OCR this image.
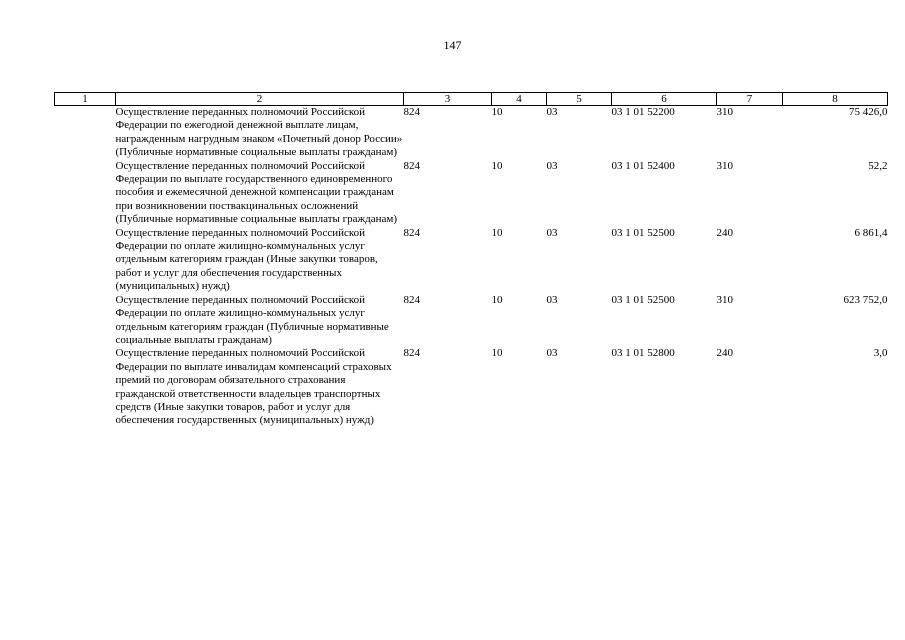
147
1	2	3	4	5	6	7	8
	Осуществление переданных полномочий Российской Федерации по ежегодной денежной выплате лицам, награжденным нагрудным знаком «Почетный донор России» (Публичные нормативные социальные выплаты гражданам)	824	10	03	03 1 01 52200	310	75 426,0
	Осуществление переданных полномочий Российской Федерации по выплате государственного единовременного пособия и ежемесячной денежной компенсации гражданам при возникновении поствакцинальных осложнений (Публичные нормативные социальные выплаты гражданам)	824	10	03	03 1 01 52400	310	52,2
	Осуществление переданных полномочий Российской Федерации по оплате жилищно-коммунальных услуг отдельным категориям граждан (Иные закупки товаров, работ и услуг для обеспечения государственных (муниципальных) нужд)	824	10	03	03 1 01 52500	240	6 861,4
	Осуществление переданных полномочий Российской Федерации по оплате жилищно-коммунальных услуг отдельным категориям граждан (Публичные нормативные социальные выплаты гражданам)	824	10	03	03 1 01 52500	310	623 752,0
	Осуществление переданных полномочий Российской Федерации по выплате инвалидам компенсаций страховых премий по договорам обязательного страхования гражданской ответственности владельцев транспортных средств (Иные закупки товаров, работ и услуг для обеспечения государственных (муниципальных) нужд)	824	10	03	03 1 01 52800	240	3,0
